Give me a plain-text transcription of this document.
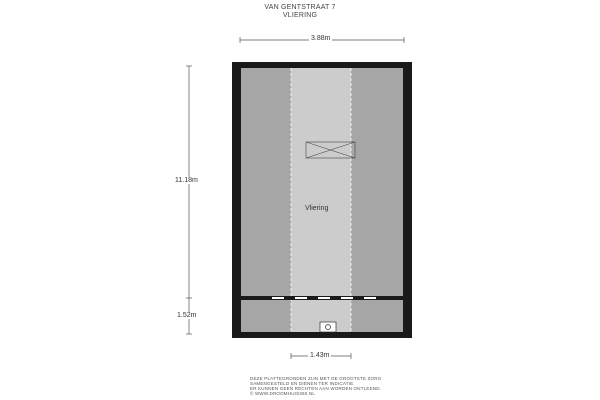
VAN GENTSTRAAT 7
VLIERING
3.88m
11.18m
1.52m
1.43m
Vliering
DEZE PLATTEGRONDEN ZIJN MET DE GROOTSTE ZORG
SAMENGESTELD EN DIENEN TER INDICATIE.
ER KUNNEN GEEN RECHTEN AAN WORDEN ONTLEEND.
© WWW.DROOMHUIS360.NL
